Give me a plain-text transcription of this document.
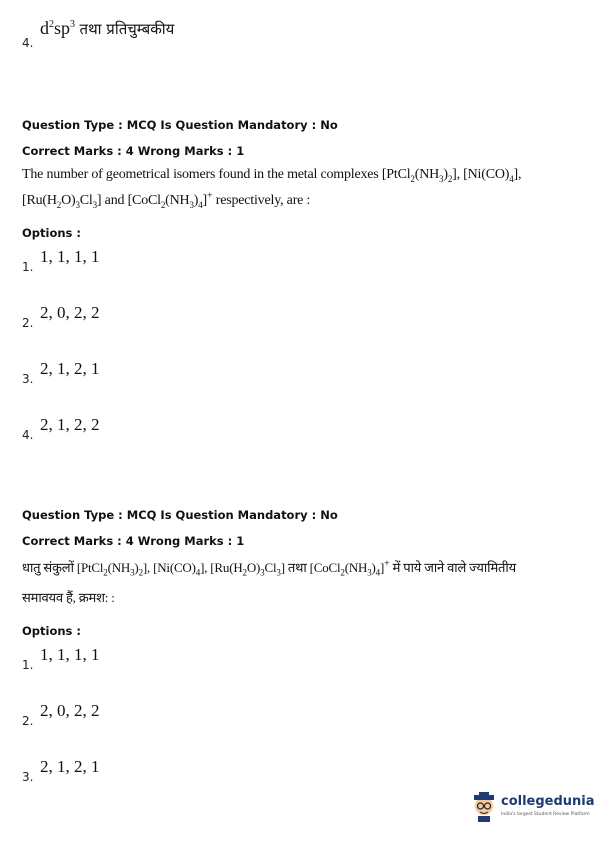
4.
$d^2sp^3$ तथा प्रतिचुम्बकीय
Question Type : MCQ Is Question Mandatory : No
Correct Marks : 4 Wrong Marks : 1
The number of geometrical isomers found in the metal complexes $[PtCl_2(NH_3)_2]$, $[Ni(CO)_4]$,
$[Ru(H_2O)_3Cl_3]$ and $[CoCl_2(NH_3)_4]^+$ respectively, are :
Options :
1.
1, 1, 1, 1
2.
2, 0, 2, 2
3.
2, 1, 2, 1
4.
2, 1, 2, 2
Question Type : MCQ Is Question Mandatory : No
Correct Marks : 4 Wrong Marks : 1
धातु संकुलों $[PtCl_2(NH_3)_2]$, $[Ni(CO)_4]$, $[Ru(H_2O)_3Cl_3]$ तथा $[CoCl_2(NH_3)_4]^+$ में पाये जाने वाले ज्यामितीय
समावयव हैं, क्रमश: :
Options :
1.
1, 1, 1, 1
2.
2, 0, 2, 2
3.
2, 1, 2, 1
collegedunia
India's largest Student Review Platform
